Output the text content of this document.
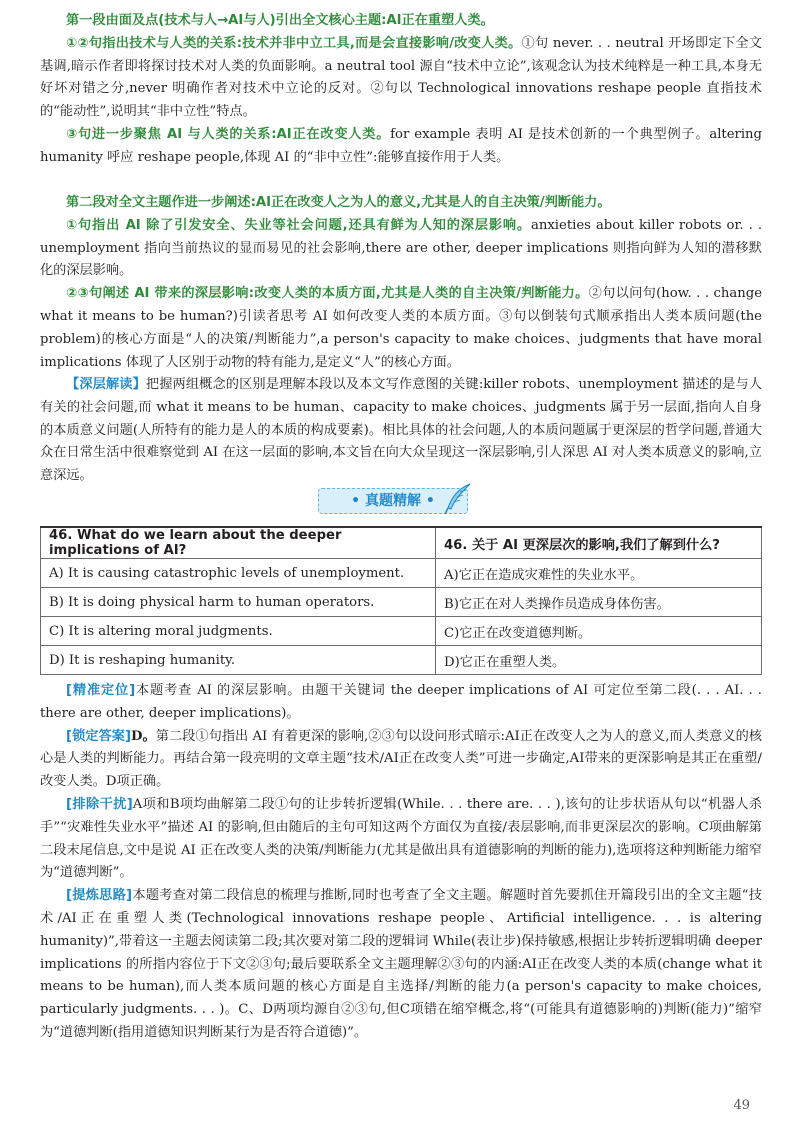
第一段由面及点(技术与人→AI与人)引出全文核心主题:AI正在重塑人类。

①②句指出技术与人类的关系:技术并非中立工具,而是会直接影响/改变人类。①句 never. . . neutral 开场即定下全文基调,暗示作者即将探讨技术对人类的负面影响。a neutral tool 源自“技术中立论”,该观念认为技术纯粹是一种工具,本身无好坏对错之分,never 明确作者对技术中立论的反对。②句以 Technological innovations reshape people 直指技术的“能动性”,说明其“非中立性”特点。

③句进一步聚焦 AI 与人类的关系:AI正在改变人类。for example 表明 AI 是技术创新的一个典型例子。altering humanity 呼应 reshape people,体现 AI 的“非中立性”:能够直接作用于人类。

第二段对全文主题作进一步阐述:AI正在改变人之为人的意义,尤其是人的自主决策/判断能力。

①句指出 AI 除了引发安全、失业等社会问题,还具有鲜为人知的深层影响。anxieties about killer robots or. . . unemployment 指向当前热议的显而易见的社会影响,there are other, deeper implications 则指向鲜为人知的潜移默化的深层影响。

②③句阐述 AI 带来的深层影响:改变人类的本质方面,尤其是人类的自主决策/判断能力。②句以问句(how. . . change what it means to be human?)引读者思考 AI 如何改变人类的本质方面。③句以倒装句式顺承指出人类本质问题(the problem)的核心方面是“人的决策/判断能力”,a person's capacity to make choices、judgments that have moral implications 体现了人区别于动物的特有能力,是定义“人”的核心方面。

【深层解读】把握两组概念的区别是理解本段以及本文写作意图的关键:killer robots、unemployment 描述的是与人有关的社会问题,而 what it means to be human、capacity to make choices、judgments 属于另一层面,指向人自身的本质意义问题(人所特有的能力是人的本质的构成要素)。相比具体的社会问题,人的本质问题属于更深层的哲学问题,普通大众在日常生活中很难察觉到 AI 在这一层面的影响,本文旨在向大众呈现这一深层影响,引人深思 AI 对人类本质意义的影响,立意深远。

• 真题精解 •
46. What do we learn about the deeper implications of AI?	46. 关于 AI 更深层次的影响,我们了解到什么?
A) It is causing catastrophic levels of unemployment.	A)它正在造成灾难性的失业水平。
B) It is doing physical harm to human operators.	B)它正在对人类操作员造成身体伤害。
C) It is altering moral judgments.	C)它正在改变道德判断。
D) It is reshaping humanity.	D)它正在重塑人类。

[精准定位]本题考查 AI 的深层影响。由题干关键词 the deeper implications of AI 可定位至第二段(. . . AI. . . there are other, deeper implications)。

[锁定答案]D。第二段①句指出 AI 有着更深的影响,②③句以设问形式暗示:AI正在改变人之为人的意义,而人类意义的核心是人类的判断能力。再结合第一段亮明的文章主题“技术/AI正在改变人类”可进一步确定,AI带来的更深影响是其正在重塑/改变人类。D项正确。

[排除干扰]A项和B项均曲解第二段①句的让步转折逻辑(While. . . there are. . . ),该句的让步状语从句以“机器人杀手”“灾难性失业水平”描述 AI 的影响,但由随后的主句可知这两个方面仅为直接/表层影响,而非更深层次的影响。C项曲解第二段末尾信息,文中是说 AI 正在改变人类的决策/判断能力(尤其是做出具有道德影响的判断的能力),选项将这种判断能力缩窄为“道德判断”。

[提炼思路]本题考查对第二段信息的梳理与推断,同时也考查了全文主题。解题时首先要抓住开篇段引出的全文主题“技术/AI正在重塑人类(Technological innovations reshape people、Artificial intelligence. . . is altering humanity)”,带着这一主题去阅读第二段;其次要对第二段的逻辑词 While(表让步)保持敏感,根据让步转折逻辑明确 deeper implications 的所指内容位于下文②③句;最后要联系全文主题理解②③句的内涵:AI正在改变人类的本质(change what it means to be human),而人类本质问题的核心方面是自主选择/判断的能力(a person's capacity to make choices, particularly judgments. . . )。C、D两项均源自②③句,但C项错在缩窄概念,将“(可能具有道德影响的)判断(能力)”缩窄为“道德判断(指用道德知识判断某行为是否符合道德)”。

49
